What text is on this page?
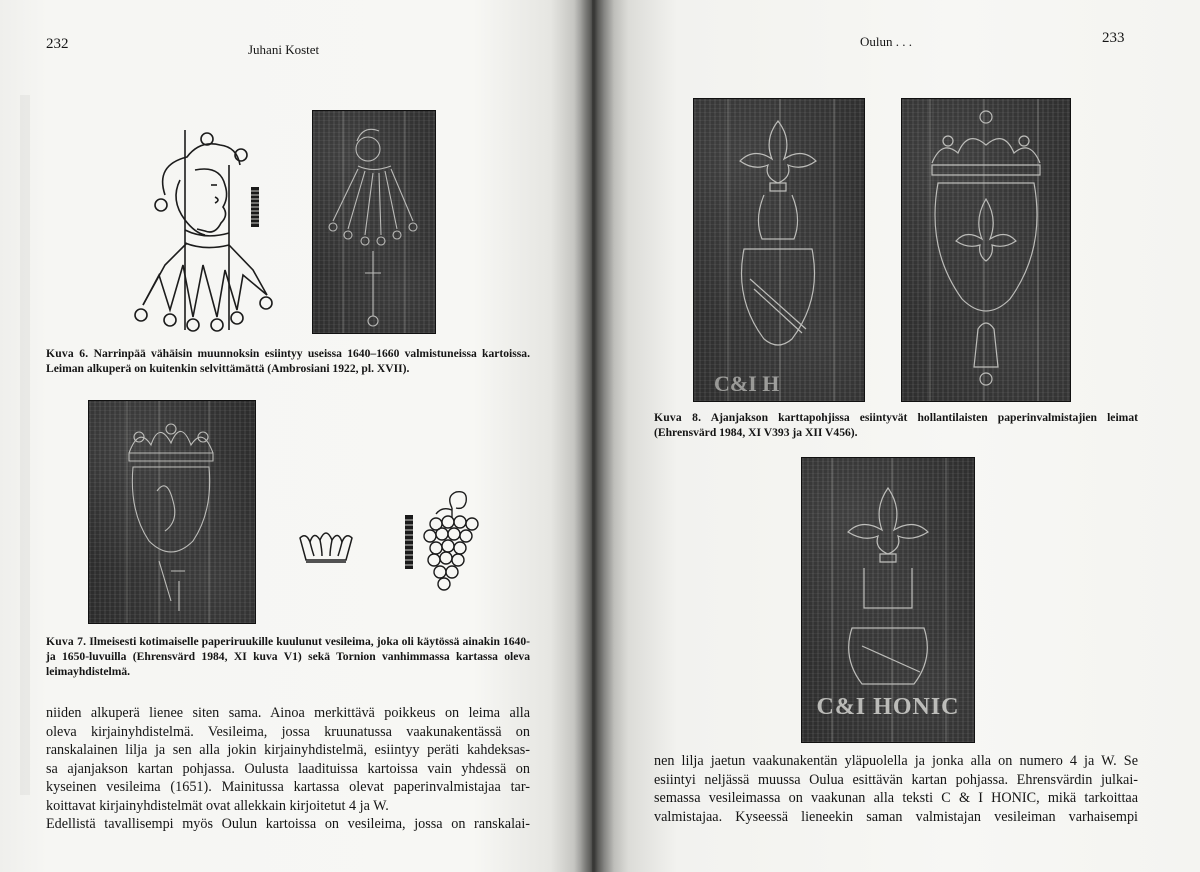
232	Juhani Kostet
Kuva 6. Narrinpää vähäisin muunnoksin esiintyy useissa 1640–1660 valmistuneissa kartoissa. Leiman alkuperä on kuitenkin selvittämättä (Ambrosiani 1922, pl. XVII).
Kuva 7. Ilmeisesti kotimaiselle paperiruukille kuulunut vesileima, joka oli käytössä ainakin 1640- ja 1650-luvuilla (Ehrensvärd 1984, XI kuva V1) sekä Tornion vanhimmassa kartassa oleva leimayhdistelmä.
niiden alkuperä lienee siten sama. Ainoa merkittävä poikkeus on leima alla
oleva kirjainyhdistelmä. Vesileima, jossa kruunatussa vaakunakentässä on
ranskalainen lilja ja sen alla jokin kirjainyhdistelmä, esiintyy peräti kahdeksas-
sa ajanjakson kartan pohjassa. Oulusta laadituissa kartoissa vain yhdessä on
kyseinen vesileima (1651). Mainitussa kartassa olevat paperinvalmistajaa tar-
koittavat kirjainyhdistelmät ovat allekkain kirjoitetut 4 ja W.
Edellistä tavallisempi myös Oulun kartoissa on vesileima, jossa on ranskalai-
233
Oulun . . .
C&I H
Kuva 8. Ajanjakson karttapohjissa esiintyvät hollantilaisten paperinvalmistajien leimat (Ehrensvärd 1984, XI V393 ja XII V456).
C&I HONIC
nen lilja jaetun vaakunakentän yläpuolella ja jonka alla on numero 4 ja W. Se
esiintyi neljässä muussa Oulua esittävän kartan pohjassa. Ehrensvärdin julkai-
semassa vesileimassa on vaakunan alla teksti C & I HONIC, mikä tarkoittaa
valmistajaa. Kyseessä lieneekin saman valmistajan vesileiman varhaisempi
